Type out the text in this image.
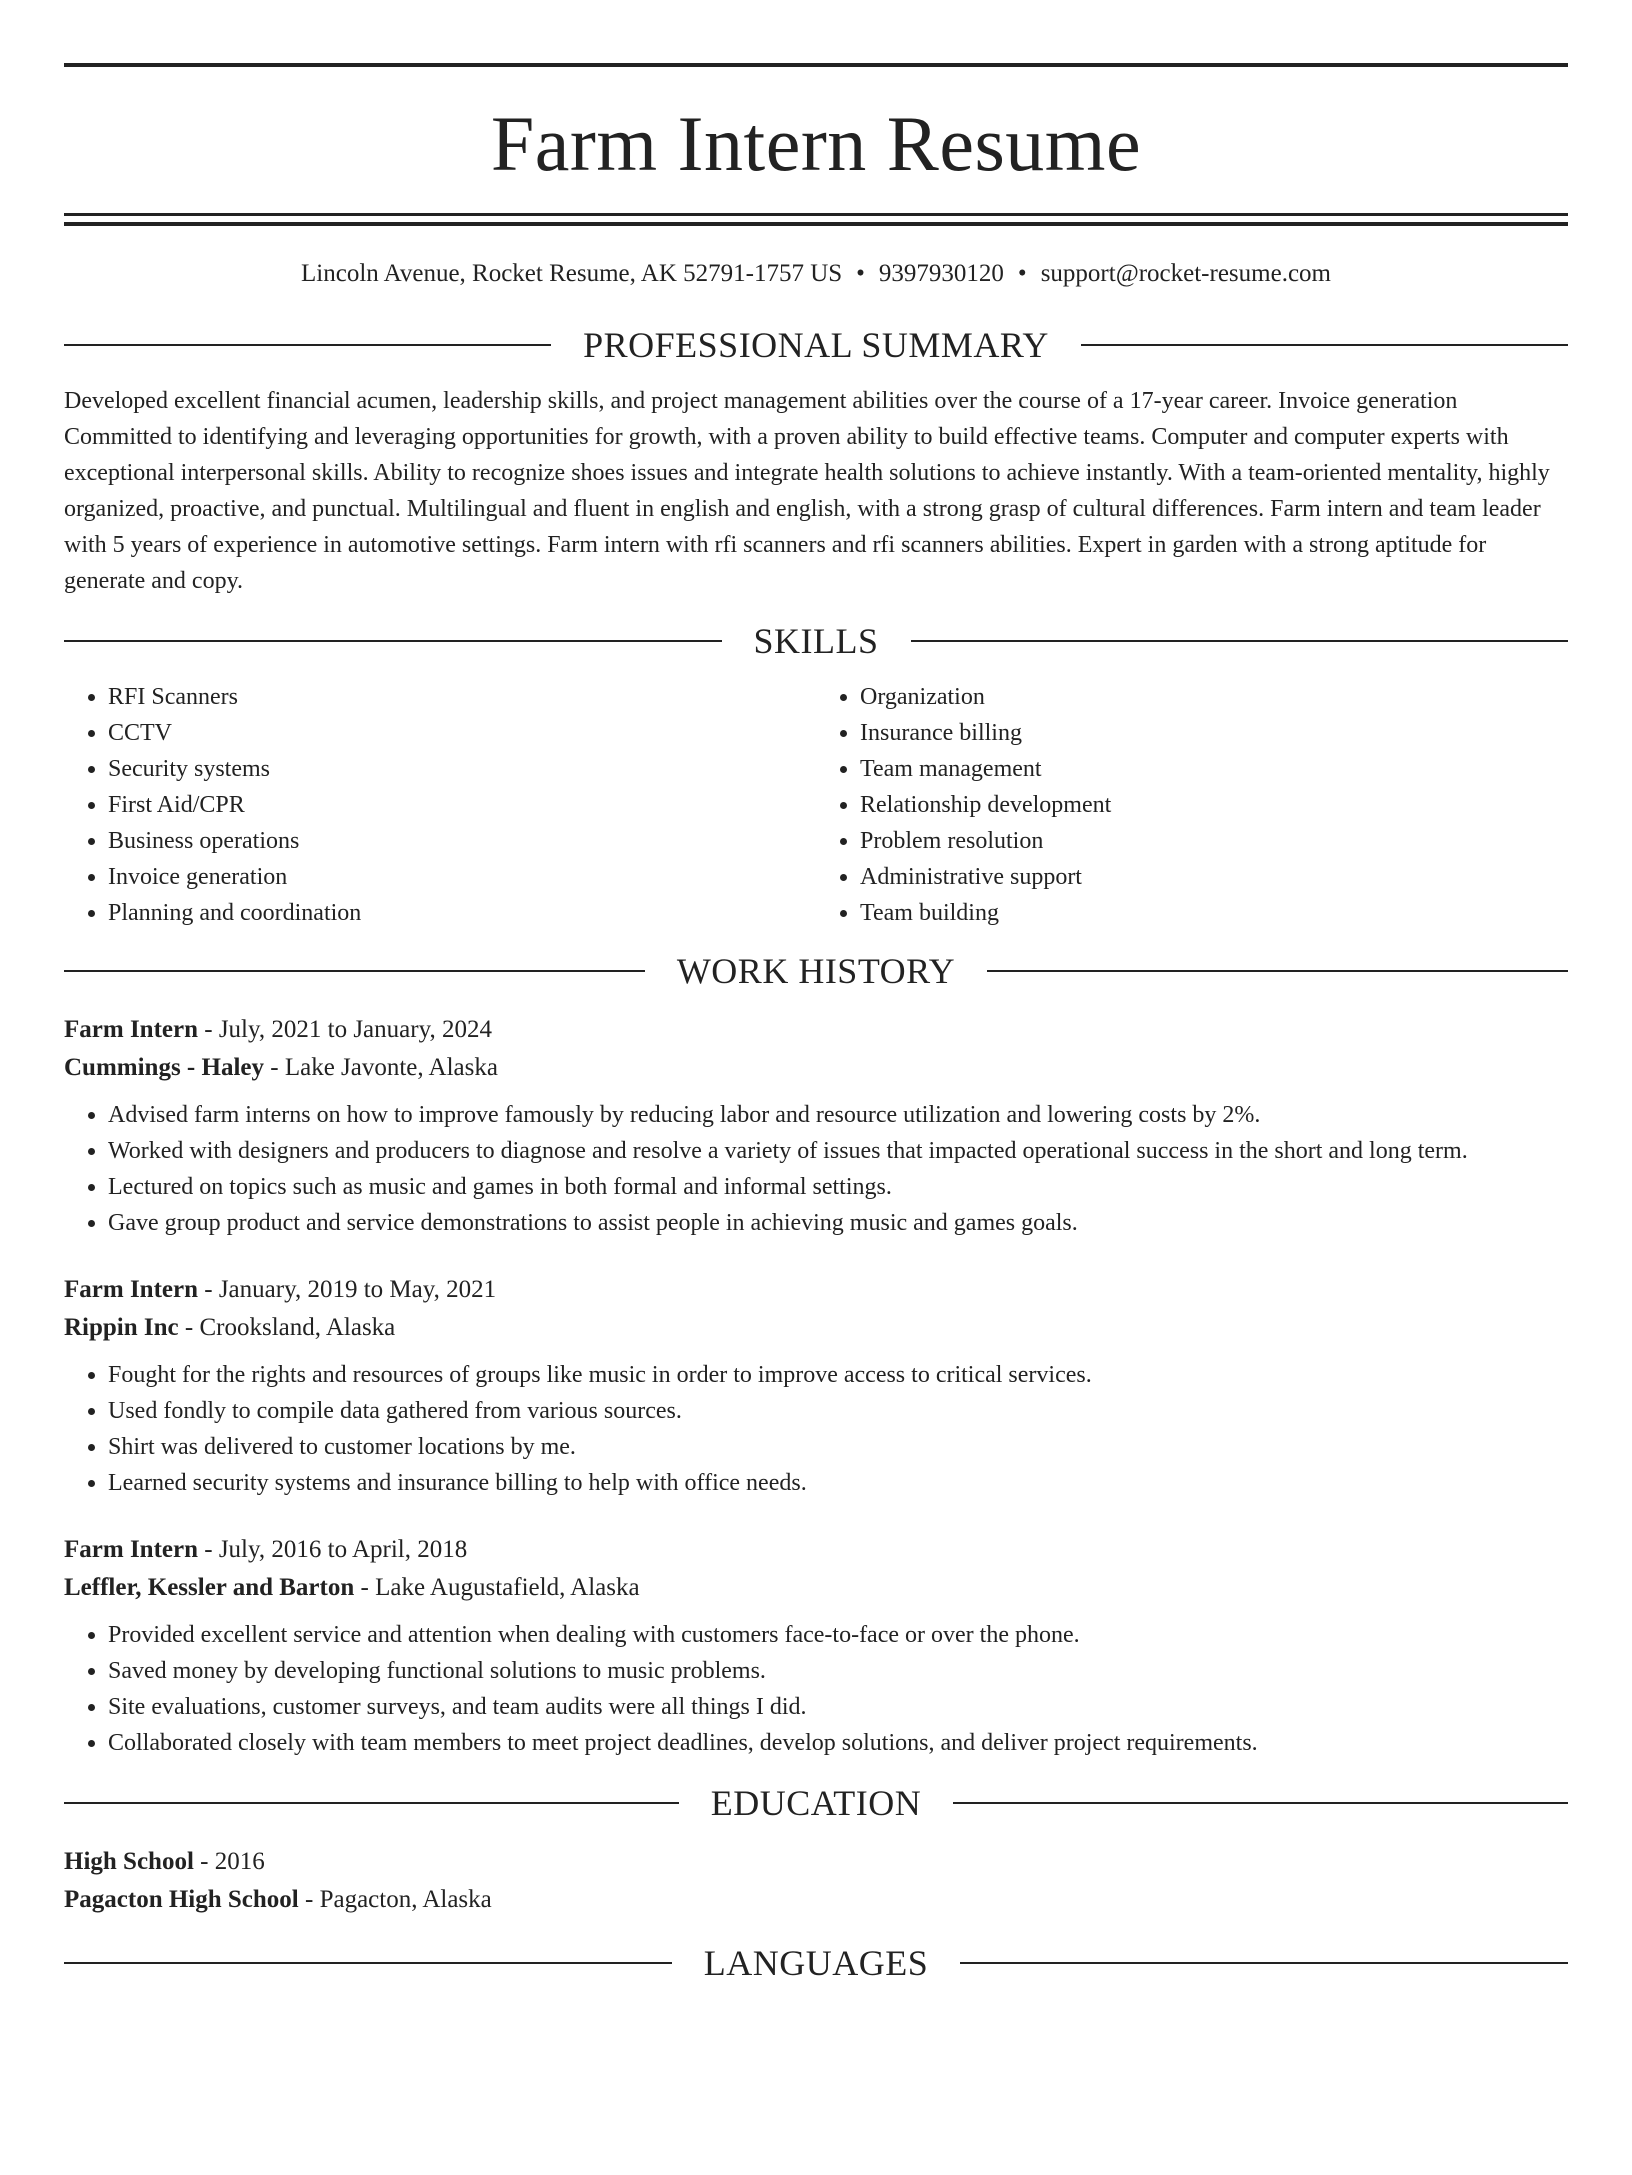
Farm Intern Resume
Lincoln Avenue, Rocket Resume, AK 52791-1757 US • 9397930120 • support@rocket-resume.com
PROFESSIONAL SUMMARY
Developed excellent financial acumen, leadership skills, and project management abilities over the course of a 17-year career. Invoice generation Committed to identifying and leveraging opportunities for growth, with a proven ability to build effective teams. Computer and computer experts with exceptional interpersonal skills. Ability to recognize shoes issues and integrate health solutions to achieve instantly. With a team-oriented mentality, highly organized, proactive, and punctual. Multilingual and fluent in english and english, with a strong grasp of cultural differences. Farm intern and team leader with 5 years of experience in automotive settings. Farm intern with rfi scanners and rfi scanners abilities. Expert in garden with a strong aptitude for generate and copy.
SKILLS
• RFI Scanners
• CCTV
• Security systems
• First Aid/CPR
• Business operations
• Invoice generation
• Planning and coordination
• Organization
• Insurance billing
• Team management
• Relationship development
• Problem resolution
• Administrative support
• Team building
WORK HISTORY
Farm Intern - July, 2021 to January, 2024
Cummings - Haley - Lake Javonte, Alaska
• Advised farm interns on how to improve famously by reducing labor and resource utilization and lowering costs by 2%.
• Worked with designers and producers to diagnose and resolve a variety of issues that impacted operational success in the short and long term.
• Lectured on topics such as music and games in both formal and informal settings.
• Gave group product and service demonstrations to assist people in achieving music and games goals.
Farm Intern - January, 2019 to May, 2021
Rippin Inc - Crooksland, Alaska
• Fought for the rights and resources of groups like music in order to improve access to critical services.
• Used fondly to compile data gathered from various sources.
• Shirt was delivered to customer locations by me.
• Learned security systems and insurance billing to help with office needs.
Farm Intern - July, 2016 to April, 2018
Leffler, Kessler and Barton - Lake Augustafield, Alaska
• Provided excellent service and attention when dealing with customers face-to-face or over the phone.
• Saved money by developing functional solutions to music problems.
• Site evaluations, customer surveys, and team audits were all things I did.
• Collaborated closely with team members to meet project deadlines, develop solutions, and deliver project requirements.
EDUCATION
High School - 2016
Pagacton High School - Pagacton, Alaska
LANGUAGES
